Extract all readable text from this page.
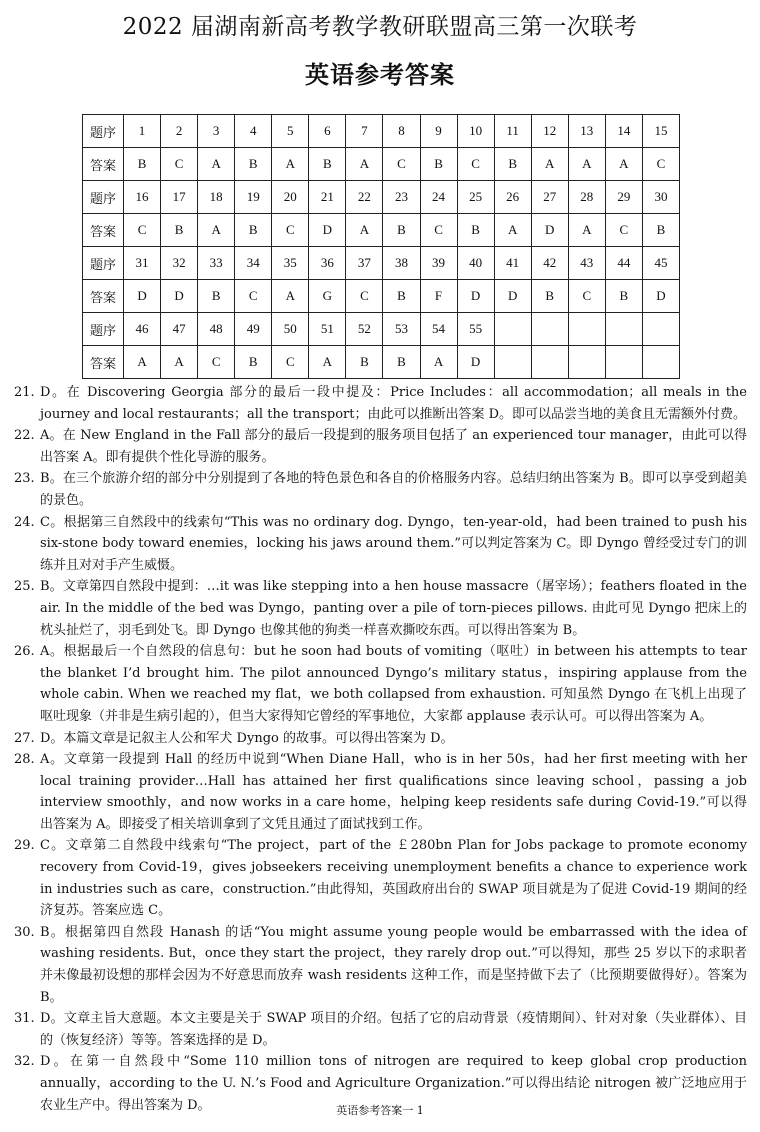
2022 届湖南新高考教学教研联盟高三第一次联考
英语参考答案
题序	1	2	3	4	5	6	7	8	9	10	11	12	13	14	15
答案	B	C	A	B	A	B	A	C	B	C	B	A	A	A	C
题序	16	17	18	19	20	21	22	23	24	25	26	27	28	29	30
答案	C	B	A	B	C	D	A	B	C	B	A	D	A	C	B
题序	31	32	33	34	35	36	37	38	39	40	41	42	43	44	45
答案	D	D	B	C	A	G	C	B	F	D	D	B	C	B	D
题序	46	47	48	49	50	51	52	53	54	55					
答案	A	A	C	B	C	A	B	B	A	D					
21. D。在 Discovering Georgia 部分的最后一段中提及：Price Includes：all accommodation；all meals in the journey and local restaurants；all the transport；由此可以推断出答案 D。即可以品尝当地的美食且无需额外付费。
22. A。在 New England in the Fall 部分的最后一段提到的服务项目包括了 an experienced tour manager，由此可以得出答案 A。即有提供个性化导游的服务。
23. B。在三个旅游介绍的部分中分别提到了各地的特色景色和各自的价格服务内容。总结归纳出答案为 B。即可以享受到超美的景色。
24. C。根据第三自然段中的线索句“This was no ordinary dog. Dyngo，ten-year-old，had been trained to push his six-stone body toward enemies，locking his jaws around them.”可以判定答案为 C。即 Dyngo 曾经受过专门的训练并且对对手产生威慑。
25. B。文章第四自然段中提到：…it was like stepping into a hen house massacre（屠宰场）；feathers floated in the air. In the middle of the bed was Dyngo，panting over a pile of torn-pieces pillows. 由此可见 Dyngo 把床上的枕头扯烂了，羽毛到处飞。即 Dyngo 也像其他的狗类一样喜欢撕咬东西。可以得出答案为 B。
26. A。根据最后一个自然段的信息句：but he soon had bouts of vomiting（呕吐）in between his attempts to tear the blanket I’d brought him. The pilot announced Dyngo’s military status，inspiring applause from the whole cabin. When we reached my flat，we both collapsed from exhaustion. 可知虽然 Dyngo 在飞机上出现了呕吐现象（并非是生病引起的），但当大家得知它曾经的军事地位，大家都 applause 表示认可。可以得出答案为 A。
27. D。本篇文章是记叙主人公和军犬 Dyngo 的故事。可以得出答案为 D。
28. A。文章第一段提到 Hall 的经历中说到“When Diane Hall，who is in her 50s，had her first meeting with her local training provider…Hall has attained her first qualifications since leaving school，passing a job interview smoothly，and now works in a care home，helping keep residents safe during Covid-19.”可以得出答案为 A。即接受了相关培训拿到了文凭且通过了面试找到工作。
29. C。文章第二自然段中线索句“The project，part of the ￡280bn Plan for Jobs package to promote economy recovery from Covid-19，gives jobseekers receiving unemployment benefits a chance to experience work in industries such as care，construction.”由此得知，英国政府出台的 SWAP 项目就是为了促进 Covid-19 期间的经济复苏。答案应选 C。
30. B。根据第四自然段 Hanash 的话“You might assume young people would be embarrassed with the idea of washing residents. But，once they start the project，they rarely drop out.”可以得知，那些 25 岁以下的求职者并未像最初设想的那样会因为不好意思而放弃 wash residents 这种工作，而是坚持做下去了（比预期要做得好）。答案为 B。
31. D。文章主旨大意题。本文主要是关于 SWAP 项目的介绍。包括了它的启动背景（疫情期间）、针对对象（失业群体）、目的（恢复经济）等等。答案选择的是 D。
32. D。在第一自然段中“Some 110 million tons of nitrogen are required to keep global crop production annually，according to the U. N.’s Food and Agriculture Organization.”可以得出结论 nitrogen 被广泛地应用于农业生产中。得出答案为 D。	英语参考答案一 1
